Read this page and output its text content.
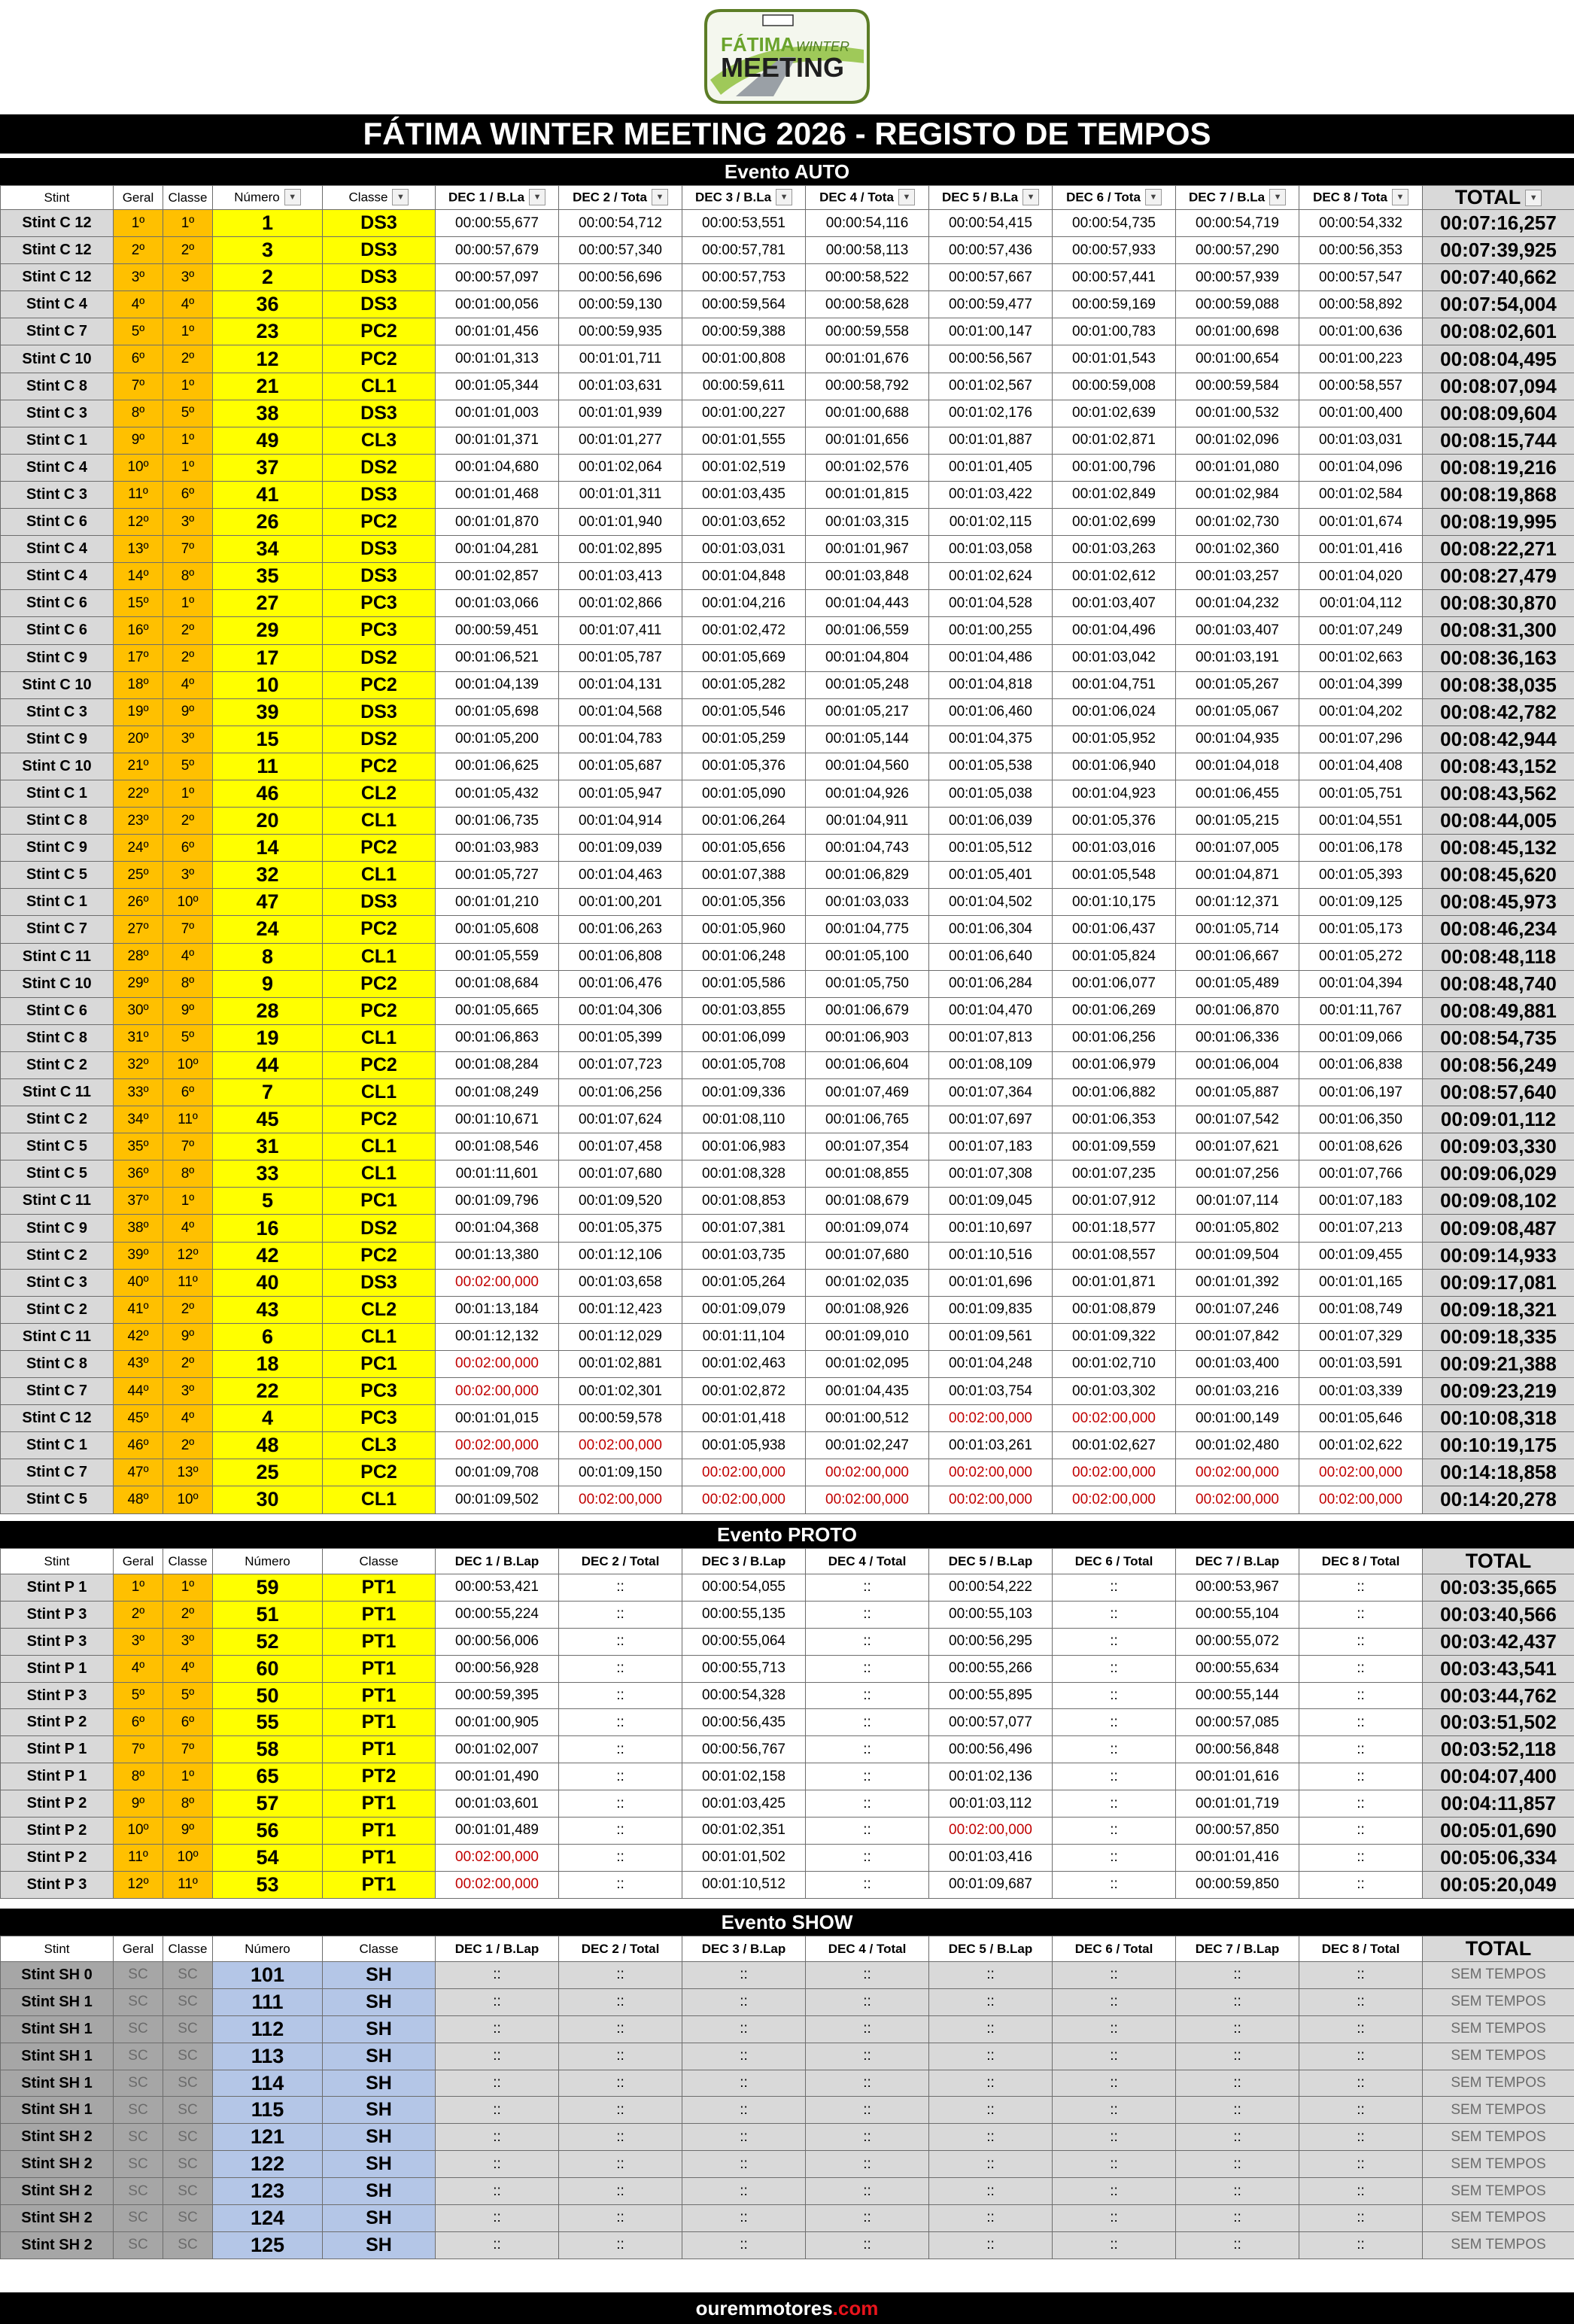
FÁTIMA WINTER
MEETING
FÁTIMA WINTER MEETING 2026 - REGISTO DE TEMPOS
Evento AUTO
Stint	Geral	Classe	Número ▼	Classe ▼	DEC 1 / B.La ▼	DEC 2 / Tota ▼	DEC 3 / B.La ▼	DEC 4 / Tota ▼	DEC 5 / B.La ▼	DEC 6 / Tota ▼	DEC 7 / B.La ▼	DEC 8 / Tota ▼	TOTAL ▼
Stint C 12	1º	1º	1	DS3	00:00:55,677	00:00:54,712	00:00:53,551	00:00:54,116	00:00:54,415	00:00:54,735	00:00:54,719	00:00:54,332	00:07:16,257
Stint C 12	2º	2º	3	DS3	00:00:57,679	00:00:57,340	00:00:57,781	00:00:58,113	00:00:57,436	00:00:57,933	00:00:57,290	00:00:56,353	00:07:39,925
Stint C 12	3º	3º	2	DS3	00:00:57,097	00:00:56,696	00:00:57,753	00:00:58,522	00:00:57,667	00:00:57,441	00:00:57,939	00:00:57,547	00:07:40,662
Stint C 4	4º	4º	36	DS3	00:01:00,056	00:00:59,130	00:00:59,564	00:00:58,628	00:00:59,477	00:00:59,169	00:00:59,088	00:00:58,892	00:07:54,004
Stint C 7	5º	1º	23	PC2	00:01:01,456	00:00:59,935	00:00:59,388	00:00:59,558	00:01:00,147	00:01:00,783	00:01:00,698	00:01:00,636	00:08:02,601
Stint C 10	6º	2º	12	PC2	00:01:01,313	00:01:01,711	00:01:00,808	00:01:01,676	00:00:56,567	00:01:01,543	00:01:00,654	00:01:00,223	00:08:04,495
Stint C 8	7º	1º	21	CL1	00:01:05,344	00:01:03,631	00:00:59,611	00:00:58,792	00:01:02,567	00:00:59,008	00:00:59,584	00:00:58,557	00:08:07,094
Stint C 3	8º	5º	38	DS3	00:01:01,003	00:01:01,939	00:01:00,227	00:01:00,688	00:01:02,176	00:01:02,639	00:01:00,532	00:01:00,400	00:08:09,604
Stint C 1	9º	1º	49	CL3	00:01:01,371	00:01:01,277	00:01:01,555	00:01:01,656	00:01:01,887	00:01:02,871	00:01:02,096	00:01:03,031	00:08:15,744
Stint C 4	10º	1º	37	DS2	00:01:04,680	00:01:02,064	00:01:02,519	00:01:02,576	00:01:01,405	00:01:00,796	00:01:01,080	00:01:04,096	00:08:19,216
Stint C 3	11º	6º	41	DS3	00:01:01,468	00:01:01,311	00:01:03,435	00:01:01,815	00:01:03,422	00:01:02,849	00:01:02,984	00:01:02,584	00:08:19,868
Stint C 6	12º	3º	26	PC2	00:01:01,870	00:01:01,940	00:01:03,652	00:01:03,315	00:01:02,115	00:01:02,699	00:01:02,730	00:01:01,674	00:08:19,995
Stint C 4	13º	7º	34	DS3	00:01:04,281	00:01:02,895	00:01:03,031	00:01:01,967	00:01:03,058	00:01:03,263	00:01:02,360	00:01:01,416	00:08:22,271
Stint C 4	14º	8º	35	DS3	00:01:02,857	00:01:03,413	00:01:04,848	00:01:03,848	00:01:02,624	00:01:02,612	00:01:03,257	00:01:04,020	00:08:27,479
Stint C 6	15º	1º	27	PC3	00:01:03,066	00:01:02,866	00:01:04,216	00:01:04,443	00:01:04,528	00:01:03,407	00:01:04,232	00:01:04,112	00:08:30,870
Stint C 6	16º	2º	29	PC3	00:00:59,451	00:01:07,411	00:01:02,472	00:01:06,559	00:01:00,255	00:01:04,496	00:01:03,407	00:01:07,249	00:08:31,300
Stint C 9	17º	2º	17	DS2	00:01:06,521	00:01:05,787	00:01:05,669	00:01:04,804	00:01:04,486	00:01:03,042	00:01:03,191	00:01:02,663	00:08:36,163
Stint C 10	18º	4º	10	PC2	00:01:04,139	00:01:04,131	00:01:05,282	00:01:05,248	00:01:04,818	00:01:04,751	00:01:05,267	00:01:04,399	00:08:38,035
Stint C 3	19º	9º	39	DS3	00:01:05,698	00:01:04,568	00:01:05,546	00:01:05,217	00:01:06,460	00:01:06,024	00:01:05,067	00:01:04,202	00:08:42,782
Stint C 9	20º	3º	15	DS2	00:01:05,200	00:01:04,783	00:01:05,259	00:01:05,144	00:01:04,375	00:01:05,952	00:01:04,935	00:01:07,296	00:08:42,944
Stint C 10	21º	5º	11	PC2	00:01:06,625	00:01:05,687	00:01:05,376	00:01:04,560	00:01:05,538	00:01:06,940	00:01:04,018	00:01:04,408	00:08:43,152
Stint C 1	22º	1º	46	CL2	00:01:05,432	00:01:05,947	00:01:05,090	00:01:04,926	00:01:05,038	00:01:04,923	00:01:06,455	00:01:05,751	00:08:43,562
Stint C 8	23º	2º	20	CL1	00:01:06,735	00:01:04,914	00:01:06,264	00:01:04,911	00:01:06,039	00:01:05,376	00:01:05,215	00:01:04,551	00:08:44,005
Stint C 9	24º	6º	14	PC2	00:01:03,983	00:01:09,039	00:01:05,656	00:01:04,743	00:01:05,512	00:01:03,016	00:01:07,005	00:01:06,178	00:08:45,132
Stint C 5	25º	3º	32	CL1	00:01:05,727	00:01:04,463	00:01:07,388	00:01:06,829	00:01:05,401	00:01:05,548	00:01:04,871	00:01:05,393	00:08:45,620
Stint C 1	26º	10º	47	DS3	00:01:01,210	00:01:00,201	00:01:05,356	00:01:03,033	00:01:04,502	00:01:10,175	00:01:12,371	00:01:09,125	00:08:45,973
Stint C 7	27º	7º	24	PC2	00:01:05,608	00:01:06,263	00:01:05,960	00:01:04,775	00:01:06,304	00:01:06,437	00:01:05,714	00:01:05,173	00:08:46,234
Stint C 11	28º	4º	8	CL1	00:01:05,559	00:01:06,808	00:01:06,248	00:01:05,100	00:01:06,640	00:01:05,824	00:01:06,667	00:01:05,272	00:08:48,118
Stint C 10	29º	8º	9	PC2	00:01:08,684	00:01:06,476	00:01:05,586	00:01:05,750	00:01:06,284	00:01:06,077	00:01:05,489	00:01:04,394	00:08:48,740
Stint C 6	30º	9º	28	PC2	00:01:05,665	00:01:04,306	00:01:03,855	00:01:06,679	00:01:04,470	00:01:06,269	00:01:06,870	00:01:11,767	00:08:49,881
Stint C 8	31º	5º	19	CL1	00:01:06,863	00:01:05,399	00:01:06,099	00:01:06,903	00:01:07,813	00:01:06,256	00:01:06,336	00:01:09,066	00:08:54,735
Stint C 2	32º	10º	44	PC2	00:01:08,284	00:01:07,723	00:01:05,708	00:01:06,604	00:01:08,109	00:01:06,979	00:01:06,004	00:01:06,838	00:08:56,249
Stint C 11	33º	6º	7	CL1	00:01:08,249	00:01:06,256	00:01:09,336	00:01:07,469	00:01:07,364	00:01:06,882	00:01:05,887	00:01:06,197	00:08:57,640
Stint C 2	34º	11º	45	PC2	00:01:10,671	00:01:07,624	00:01:08,110	00:01:06,765	00:01:07,697	00:01:06,353	00:01:07,542	00:01:06,350	00:09:01,112
Stint C 5	35º	7º	31	CL1	00:01:08,546	00:01:07,458	00:01:06,983	00:01:07,354	00:01:07,183	00:01:09,559	00:01:07,621	00:01:08,626	00:09:03,330
Stint C 5	36º	8º	33	CL1	00:01:11,601	00:01:07,680	00:01:08,328	00:01:08,855	00:01:07,308	00:01:07,235	00:01:07,256	00:01:07,766	00:09:06,029
Stint C 11	37º	1º	5	PC1	00:01:09,796	00:01:09,520	00:01:08,853	00:01:08,679	00:01:09,045	00:01:07,912	00:01:07,114	00:01:07,183	00:09:08,102
Stint C 9	38º	4º	16	DS2	00:01:04,368	00:01:05,375	00:01:07,381	00:01:09,074	00:01:10,697	00:01:18,577	00:01:05,802	00:01:07,213	00:09:08,487
Stint C 2	39º	12º	42	PC2	00:01:13,380	00:01:12,106	00:01:03,735	00:01:07,680	00:01:10,516	00:01:08,557	00:01:09,504	00:01:09,455	00:09:14,933
Stint C 3	40º	11º	40	DS3	00:02:00,000	00:01:03,658	00:01:05,264	00:01:02,035	00:01:01,696	00:01:01,871	00:01:01,392	00:01:01,165	00:09:17,081
Stint C 2	41º	2º	43	CL2	00:01:13,184	00:01:12,423	00:01:09,079	00:01:08,926	00:01:09,835	00:01:08,879	00:01:07,246	00:01:08,749	00:09:18,321
Stint C 11	42º	9º	6	CL1	00:01:12,132	00:01:12,029	00:01:11,104	00:01:09,010	00:01:09,561	00:01:09,322	00:01:07,842	00:01:07,329	00:09:18,335
Stint C 8	43º	2º	18	PC1	00:02:00,000	00:01:02,881	00:01:02,463	00:01:02,095	00:01:04,248	00:01:02,710	00:01:03,400	00:01:03,591	00:09:21,388
Stint C 7	44º	3º	22	PC3	00:02:00,000	00:01:02,301	00:01:02,872	00:01:04,435	00:01:03,754	00:01:03,302	00:01:03,216	00:01:03,339	00:09:23,219
Stint C 12	45º	4º	4	PC3	00:01:01,015	00:00:59,578	00:01:01,418	00:01:00,512	00:02:00,000	00:02:00,000	00:01:00,149	00:01:05,646	00:10:08,318
Stint C 1	46º	2º	48	CL3	00:02:00,000	00:02:00,000	00:01:05,938	00:01:02,247	00:01:03,261	00:01:02,627	00:01:02,480	00:01:02,622	00:10:19,175
Stint C 7	47º	13º	25	PC2	00:01:09,708	00:01:09,150	00:02:00,000	00:02:00,000	00:02:00,000	00:02:00,000	00:02:00,000	00:02:00,000	00:14:18,858
Stint C 5	48º	10º	30	CL1	00:01:09,502	00:02:00,000	00:02:00,000	00:02:00,000	00:02:00,000	00:02:00,000	00:02:00,000	00:02:00,000	00:14:20,278
Evento PROTO
Stint	Geral	Classe	Número	Classe	DEC 1 / B.Lap	DEC 2 / Total	DEC 3 / B.Lap	DEC 4 / Total	DEC 5 / B.Lap	DEC 6 / Total	DEC 7 / B.Lap	DEC 8 / Total	TOTAL
Stint P 1	1º	1º	59	PT1	00:00:53,421	::	00:00:54,055	::	00:00:54,222	::	00:00:53,967	::	00:03:35,665
Stint P 3	2º	2º	51	PT1	00:00:55,224	::	00:00:55,135	::	00:00:55,103	::	00:00:55,104	::	00:03:40,566
Stint P 3	3º	3º	52	PT1	00:00:56,006	::	00:00:55,064	::	00:00:56,295	::	00:00:55,072	::	00:03:42,437
Stint P 1	4º	4º	60	PT1	00:00:56,928	::	00:00:55,713	::	00:00:55,266	::	00:00:55,634	::	00:03:43,541
Stint P 3	5º	5º	50	PT1	00:00:59,395	::	00:00:54,328	::	00:00:55,895	::	00:00:55,144	::	00:03:44,762
Stint P 2	6º	6º	55	PT1	00:01:00,905	::	00:00:56,435	::	00:00:57,077	::	00:00:57,085	::	00:03:51,502
Stint P 1	7º	7º	58	PT1	00:01:02,007	::	00:00:56,767	::	00:00:56,496	::	00:00:56,848	::	00:03:52,118
Stint P 1	8º	1º	65	PT2	00:01:01,490	::	00:01:02,158	::	00:01:02,136	::	00:01:01,616	::	00:04:07,400
Stint P 2	9º	8º	57	PT1	00:01:03,601	::	00:01:03,425	::	00:01:03,112	::	00:01:01,719	::	00:04:11,857
Stint P 2	10º	9º	56	PT1	00:01:01,489	::	00:01:02,351	::	00:02:00,000	::	00:00:57,850	::	00:05:01,690
Stint P 2	11º	10º	54	PT1	00:02:00,000	::	00:01:01,502	::	00:01:03,416	::	00:01:01,416	::	00:05:06,334
Stint P 3	12º	11º	53	PT1	00:02:00,000	::	00:01:10,512	::	00:01:09,687	::	00:00:59,850	::	00:05:20,049
Evento SHOW
Stint	Geral	Classe	Número	Classe	DEC 1 / B.Lap	DEC 2 / Total	DEC 3 / B.Lap	DEC 4 / Total	DEC 5 / B.Lap	DEC 6 / Total	DEC 7 / B.Lap	DEC 8 / Total	TOTAL
Stint SH 0	SC	SC	101	SH	::	::	::	::	::	::	::	::	SEM TEMPOS
Stint SH 1	SC	SC	111	SH	::	::	::	::	::	::	::	::	SEM TEMPOS
Stint SH 1	SC	SC	112	SH	::	::	::	::	::	::	::	::	SEM TEMPOS
Stint SH 1	SC	SC	113	SH	::	::	::	::	::	::	::	::	SEM TEMPOS
Stint SH 1	SC	SC	114	SH	::	::	::	::	::	::	::	::	SEM TEMPOS
Stint SH 1	SC	SC	115	SH	::	::	::	::	::	::	::	::	SEM TEMPOS
Stint SH 2	SC	SC	121	SH	::	::	::	::	::	::	::	::	SEM TEMPOS
Stint SH 2	SC	SC	122	SH	::	::	::	::	::	::	::	::	SEM TEMPOS
Stint SH 2	SC	SC	123	SH	::	::	::	::	::	::	::	::	SEM TEMPOS
Stint SH 2	SC	SC	124	SH	::	::	::	::	::	::	::	::	SEM TEMPOS
Stint SH 2	SC	SC	125	SH	::	::	::	::	::	::	::	::	SEM TEMPOS
ouremmotores.com
